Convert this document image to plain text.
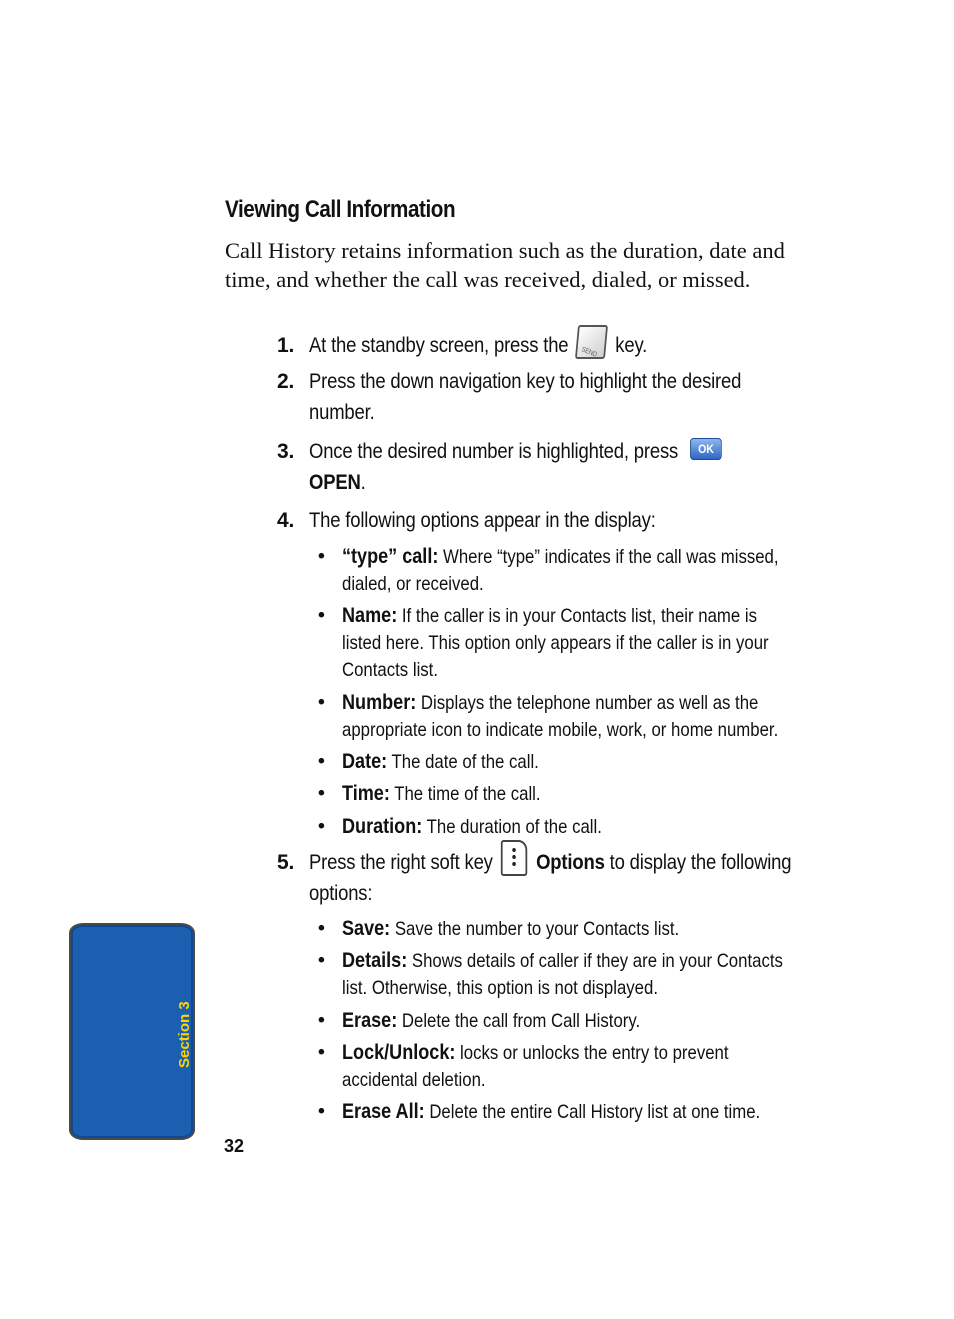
Viewing Call Information
Call History retains information such as the duration, date and time, and whether the call was received, dialed, or missed.
1. At the standby screen, press the	SEND key.
2. Press the down navigation key to highlight the desired number.
3. Once the desired number is highlighted, press OK
OPEN.
4. The following options appear in the display:
• “type” call: Where “type” indicates if the call was missed, dialed, or received.
• Name: If the caller is in your Contacts list, their name is listed here. This option only appears if the caller is in your Contacts list.
• Number: Displays the telephone number as well as the appropriate icon to indicate mobile, work, or home number.
• Date: The date of the call.
• Time: The time of the call.
• Duration: The duration of the call.
5. Press the right soft key Options to display the following options:
• Save: Save the number to your Contacts list.
• Details: Shows details of caller if they are in your Contacts list. Otherwise, this option is not displayed.
• Erase: Delete the call from Call History.
• Lock/Unlock: locks or unlocks the entry to prevent accidental deletion.
• Erase All: Delete the entire Call History list at one time.
Section 3
32
